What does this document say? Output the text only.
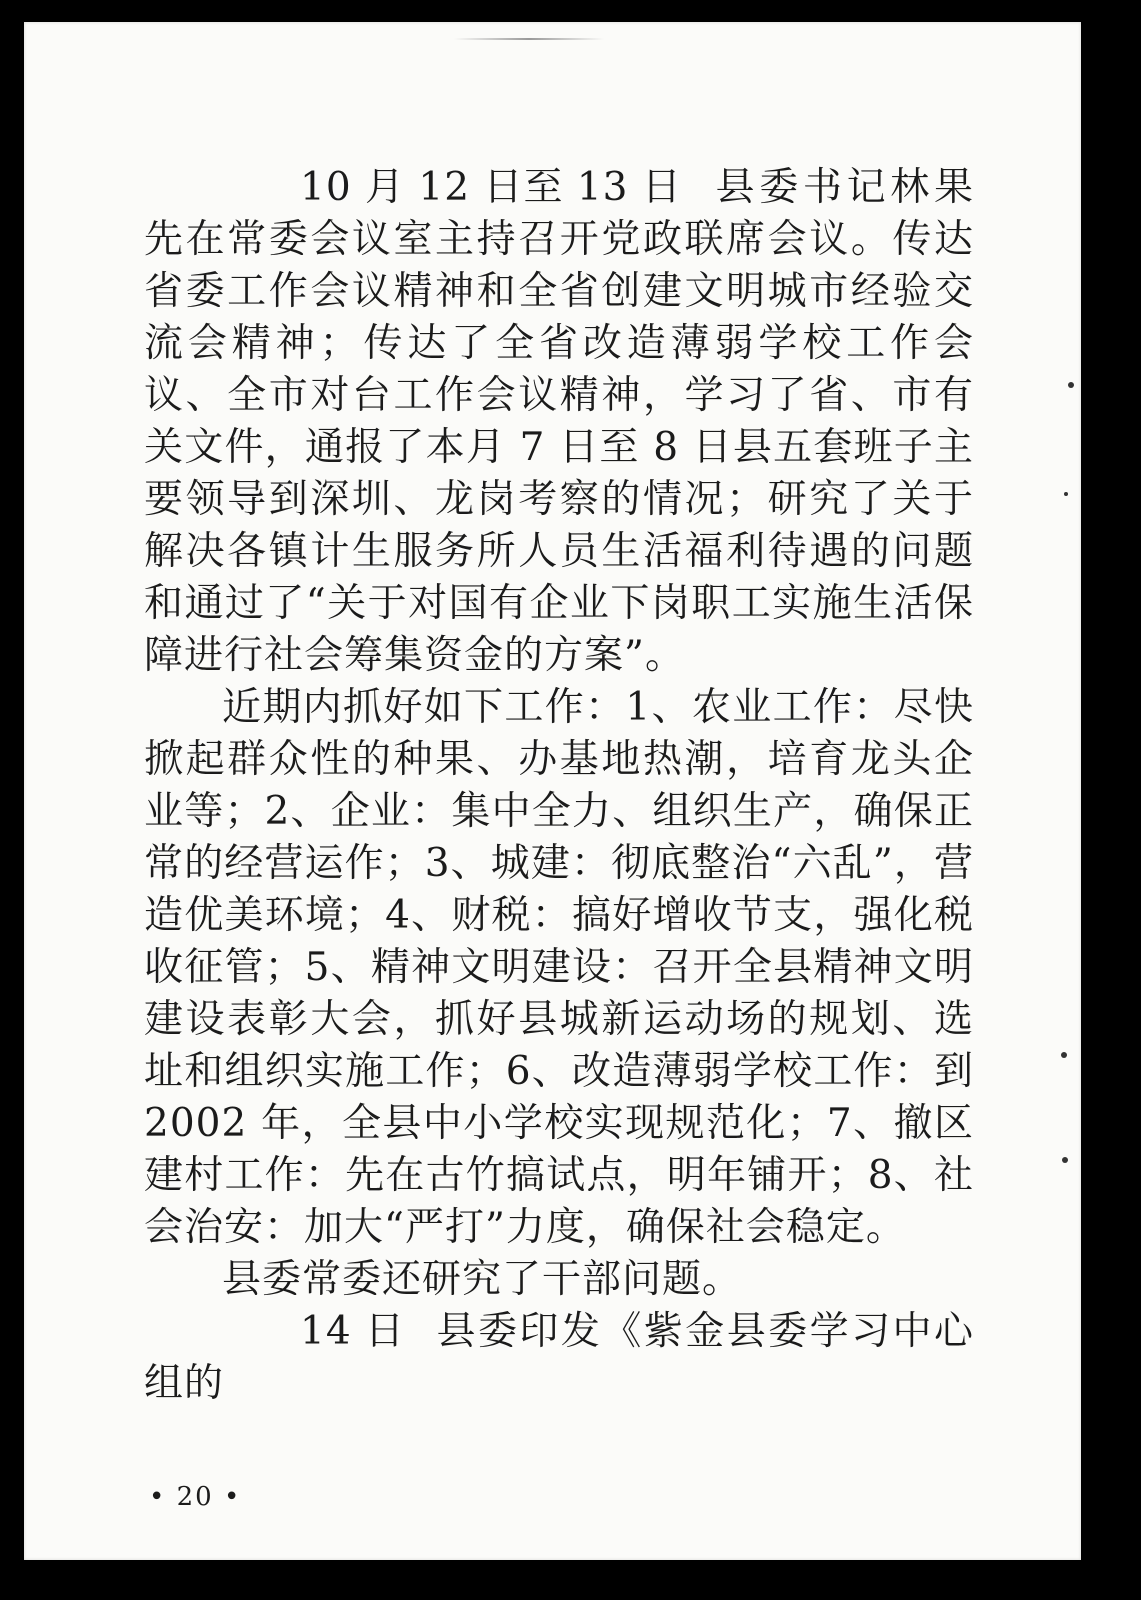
10 月 12 日至 13 日 县委书记林果先在常委会议室主持召开党政联席会议。传达省委工作会议精神和全省创建文明城市经验交流会精神；传达了全省改造薄弱学校工作会议、全市对台工作会议精神，学习了省、市有关文件，通报了本月 7 日至 8 日县五套班子主要领导到深圳、龙岗考察的情况；研究了关于解决各镇计生服务所人员生活福利待遇的问题和通过了“关于对国有企业下岗职工实施生活保障进行社会筹集资金的方案”。

近期内抓好如下工作：1、农业工作：尽快掀起群众性的种果、办基地热潮，培育龙头企业等；2、企业：集中全力、组织生产，确保正常的经营运作；3、城建：彻底整治“六乱”，营造优美环境；4、财税：搞好增收节支，强化税收征管；5、精神文明建设：召开全县精神文明建设表彰大会，抓好县城新运动场的规划、选址和组织实施工作；6、改造薄弱学校工作：到 2002 年，全县中小学校实现规范化；7、撤区建村工作：先在古竹搞试点，明年铺开；8、社会治安：加大“严打”力度，确保社会稳定。

县委常委还研究了干部问题。

14 日 县委印发《紫金县委学习中心组的

• 20 •
